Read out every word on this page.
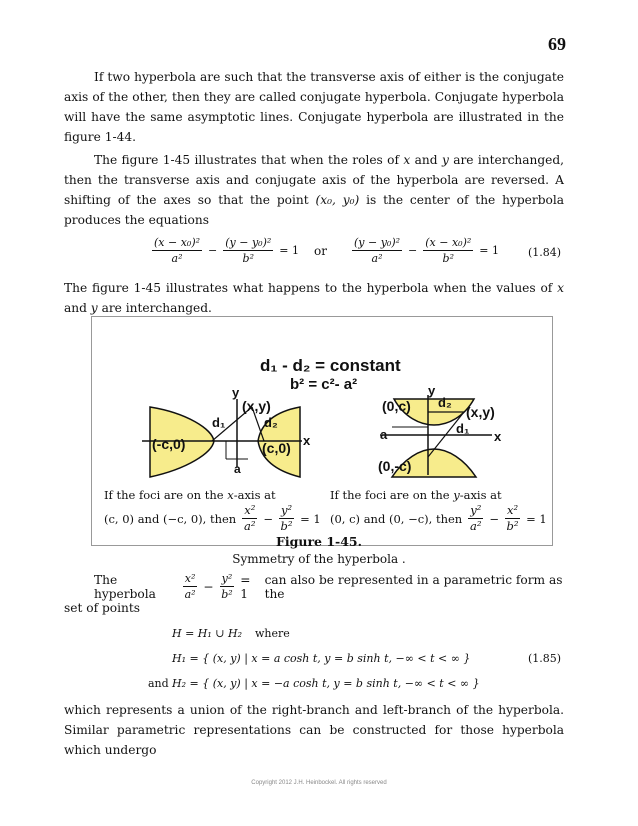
69

If two hyperbola are such that the transverse axis of either is the conjugate axis of the other, then they are called conjugate hyperbola. Conjugate hyperbola will have the same asymptotic lines. Conjugate hyperbola are illustrated in the figure 1-44.

The figure 1-45 illustrates that when the roles of x and y are interchanged, then the transverse axis and conjugate axis of the hyperbola are reversed. A shifting of the axes so that the point (x₀, y₀) is the center of the hyperbola produces the equations

$\frac{\text{(x − x₀)²}}{\text{a²}} - \frac{\text{(y − y₀)²}}{\text{b²}} = 1$ or $\frac{\text{(y − y₀)²}}{\text{a²}} - \frac{\text{(x − x₀)²}}{\text{b²}} = 1$	(1.84)

The figure 1-45 illustrates what happens to the hyperbola when the values of x and y are interchanged.

d₁ - d₂ = constant
b² = c²- a²
y
(x,y)
d₁	d₂
x
(-c,0)	(c,0)
a
y
(0,c) d₂
(x,y)
a	d₁
x
(0,-c)
If the foci are on the x-axis at
(c, 0) and (−c, 0), then $\frac{\text{x²}}{\text{a²}} - \frac{\text{y²}}{\text{b²}} = 1$
If the foci are on the y-axis at
(0, c) and (0, −c), then $\frac{\text{y²}}{\text{a²}} - \frac{\text{x²}}{\text{b²}} = 1$
Figure 1-45.
Symmetry of the hyperbola .
The hyperbola	$\frac{\text{x²}}{\text{a²}} - \frac{\text{y²}}{\text{b²}} = 1$
can also be represented in a parametric form as the
set of points
H = H₁ ∪ H₂ where
H₁ = { (x, y) | x = a cosh t, y = b sinh t, −∞ < t < ∞ }	(1.85)
and H₂ = { (x, y) | x = −a cosh t, y = b sinh t, −∞ < t < ∞ }

which represents a union of the right-branch and left-branch of the hyperbola. Similar parametric representations can be constructed for those hyperbola which undergo

Copyright 2012 J.H. Heinbockel. All rights reserved
